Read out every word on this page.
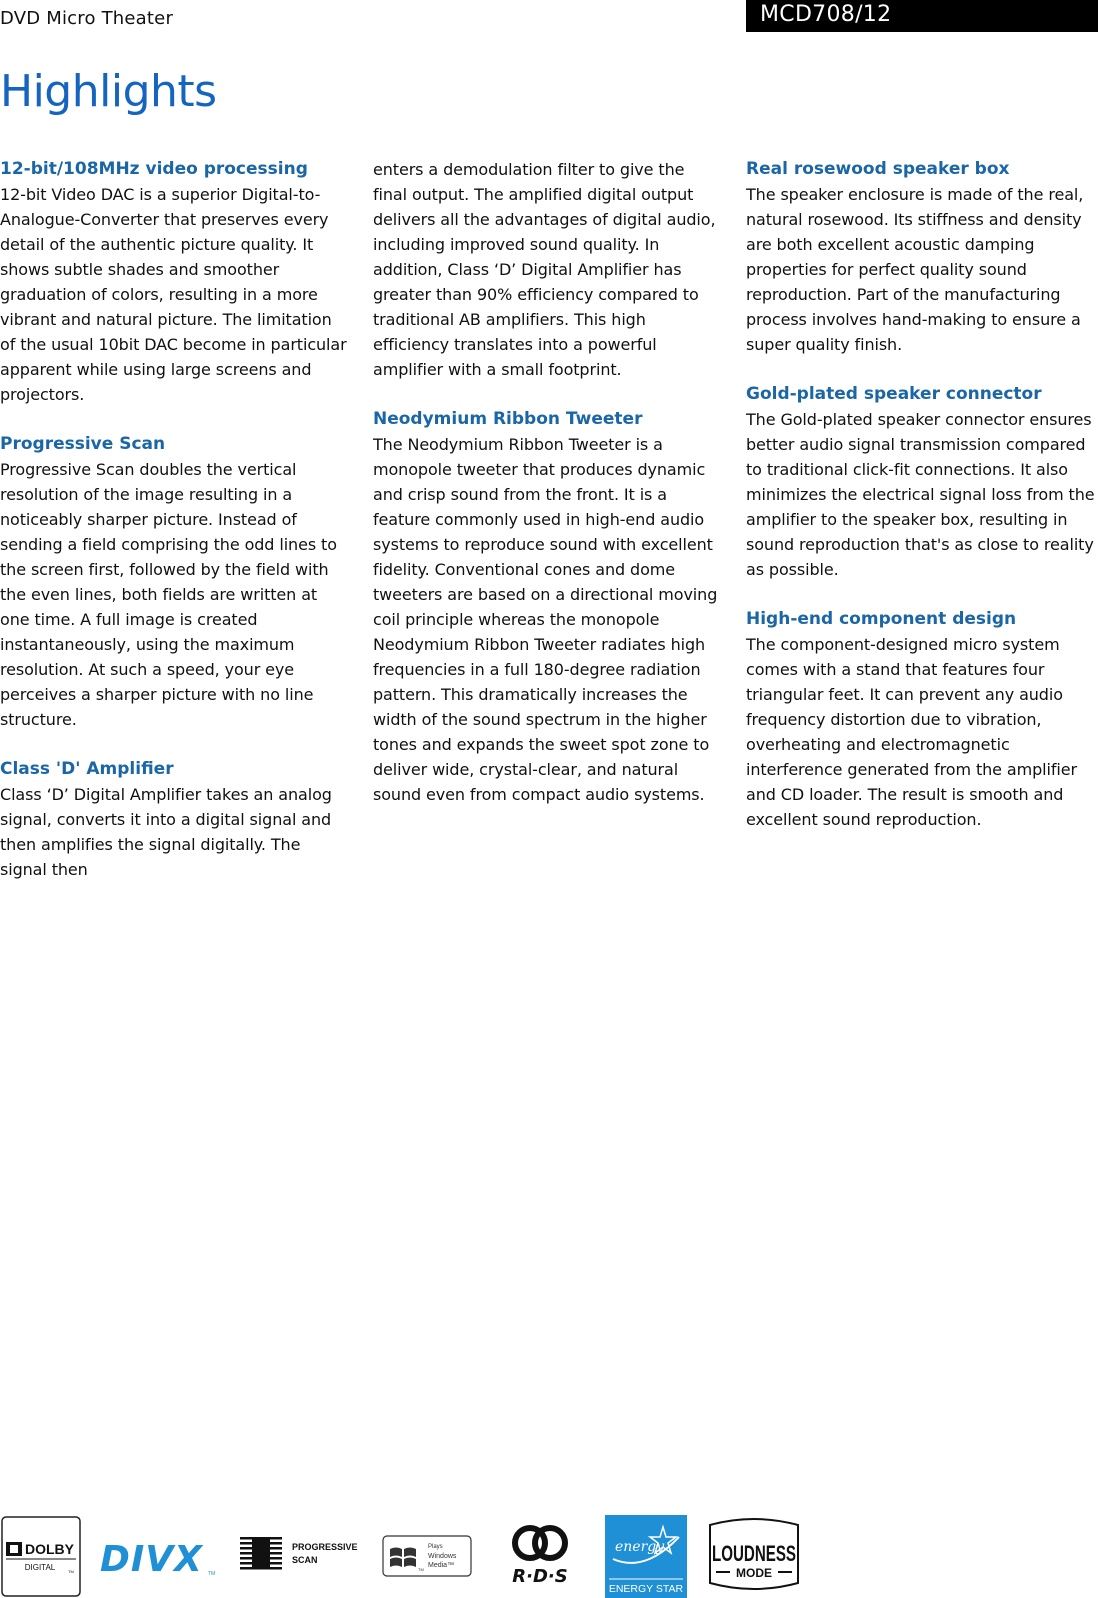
DVD Micro Theater	MCD708/12
Highlights

12-bit/108MHz video processing

12-bit Video DAC is a superior Digital-to-Analogue-Converter that preserves every detail of the authentic picture quality. It shows subtle shades and smoother graduation of colors, resulting in a more vibrant and natural picture. The limitation of the usual 10bit DAC become in particular apparent while using large screens and projectors.

Progressive Scan

Progressive Scan doubles the vertical resolution of the image resulting in a noticeably sharper picture. Instead of sending a field comprising the odd lines to the screen first, followed by the field with the even lines, both fields are written at one time. A full image is created instantaneously, using the maximum resolution. At such a speed, your eye perceives a sharper picture with no line structure.

Class 'D' Amplifier

Class ‘D’ Digital Amplifier takes an analog signal, converts it into a digital signal and then amplifies the signal digitally. The signal then

enters a demodulation filter to give the final output. The amplified digital output delivers all the advantages of digital audio, including improved sound quality. In addition, Class ‘D’ Digital Amplifier has greater than 90% efficiency compared to traditional AB amplifiers. This high efficiency translates into a powerful amplifier with a small footprint.

Neodymium Ribbon Tweeter

The Neodymium Ribbon Tweeter is a monopole tweeter that produces dynamic and crisp sound from the front. It is a feature commonly used in high-end audio systems to reproduce sound with excellent fidelity. Conventional cones and dome tweeters are based on a directional moving coil principle whereas the monopole Neodymium Ribbon Tweeter radiates high frequencies in a full 180-degree radiation pattern. This dramatically increases the width of the sound spectrum in the higher tones and expands the sweet spot zone to deliver wide, crystal-clear, and natural sound even from compact audio systems.

Real rosewood speaker box

The speaker enclosure is made of the real, natural rosewood. Its stiffness and density are both excellent acoustic damping properties for perfect quality sound reproduction. Part of the manufacturing process involves hand-making to ensure a super quality finish.

Gold-plated speaker connector

The Gold-plated speaker connector ensures better audio signal transmission compared to traditional click-fit connections. It also minimizes the electrical signal loss from the amplifier to the speaker box, resulting in sound reproduction that's as close to reality as possible.

High-end component design

The component-designed micro system comes with a stand that features four triangular feet. It can prevent any audio frequency distortion due to vibration, overheating and electromagnetic interference generated from the amplifier and CD loader. The result is smooth and excellent sound reproduction.

DOLBY
DIGITAL	TM DIVX TM
PROGRESSIVE
SCAN
TM
Plays
Windows
Media™
R·D·S
energy
ENERGY STAR
LOUDNESS
MODE
